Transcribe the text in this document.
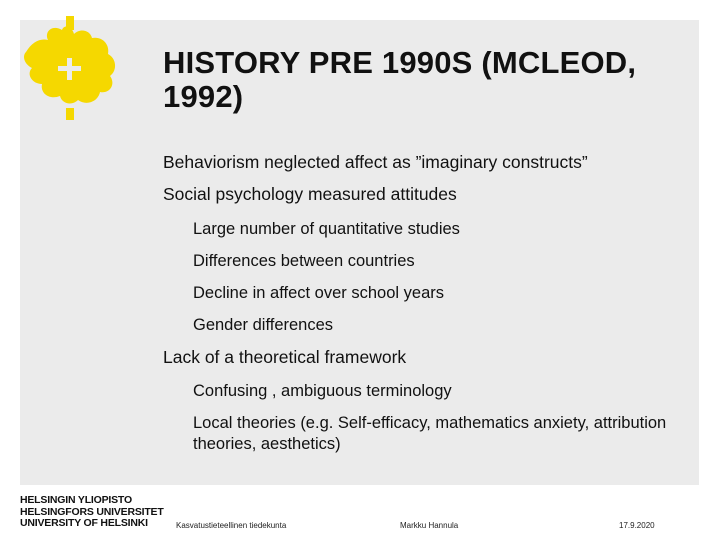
HISTORY PRE 1990S (MCLEOD,
1992)
Behaviorism neglected affect as ”imaginary constructs”
Social psychology measured attitudes
Large number of quantitative studies
Differences between countries
Decline in affect over school years
Gender differences
Lack of a theoretical framework
Confusing , ambiguous terminology
Local theories (e.g. Self-efficacy, mathematics anxiety, attribution theories, aesthetics)
HELSINGIN YLIOPISTO
HELSINGFORS UNIVERSITET
UNIVERSITY OF HELSINKI	Kasvatustieteellinen tiedekunta	Markku Hannula	17.9.2020
